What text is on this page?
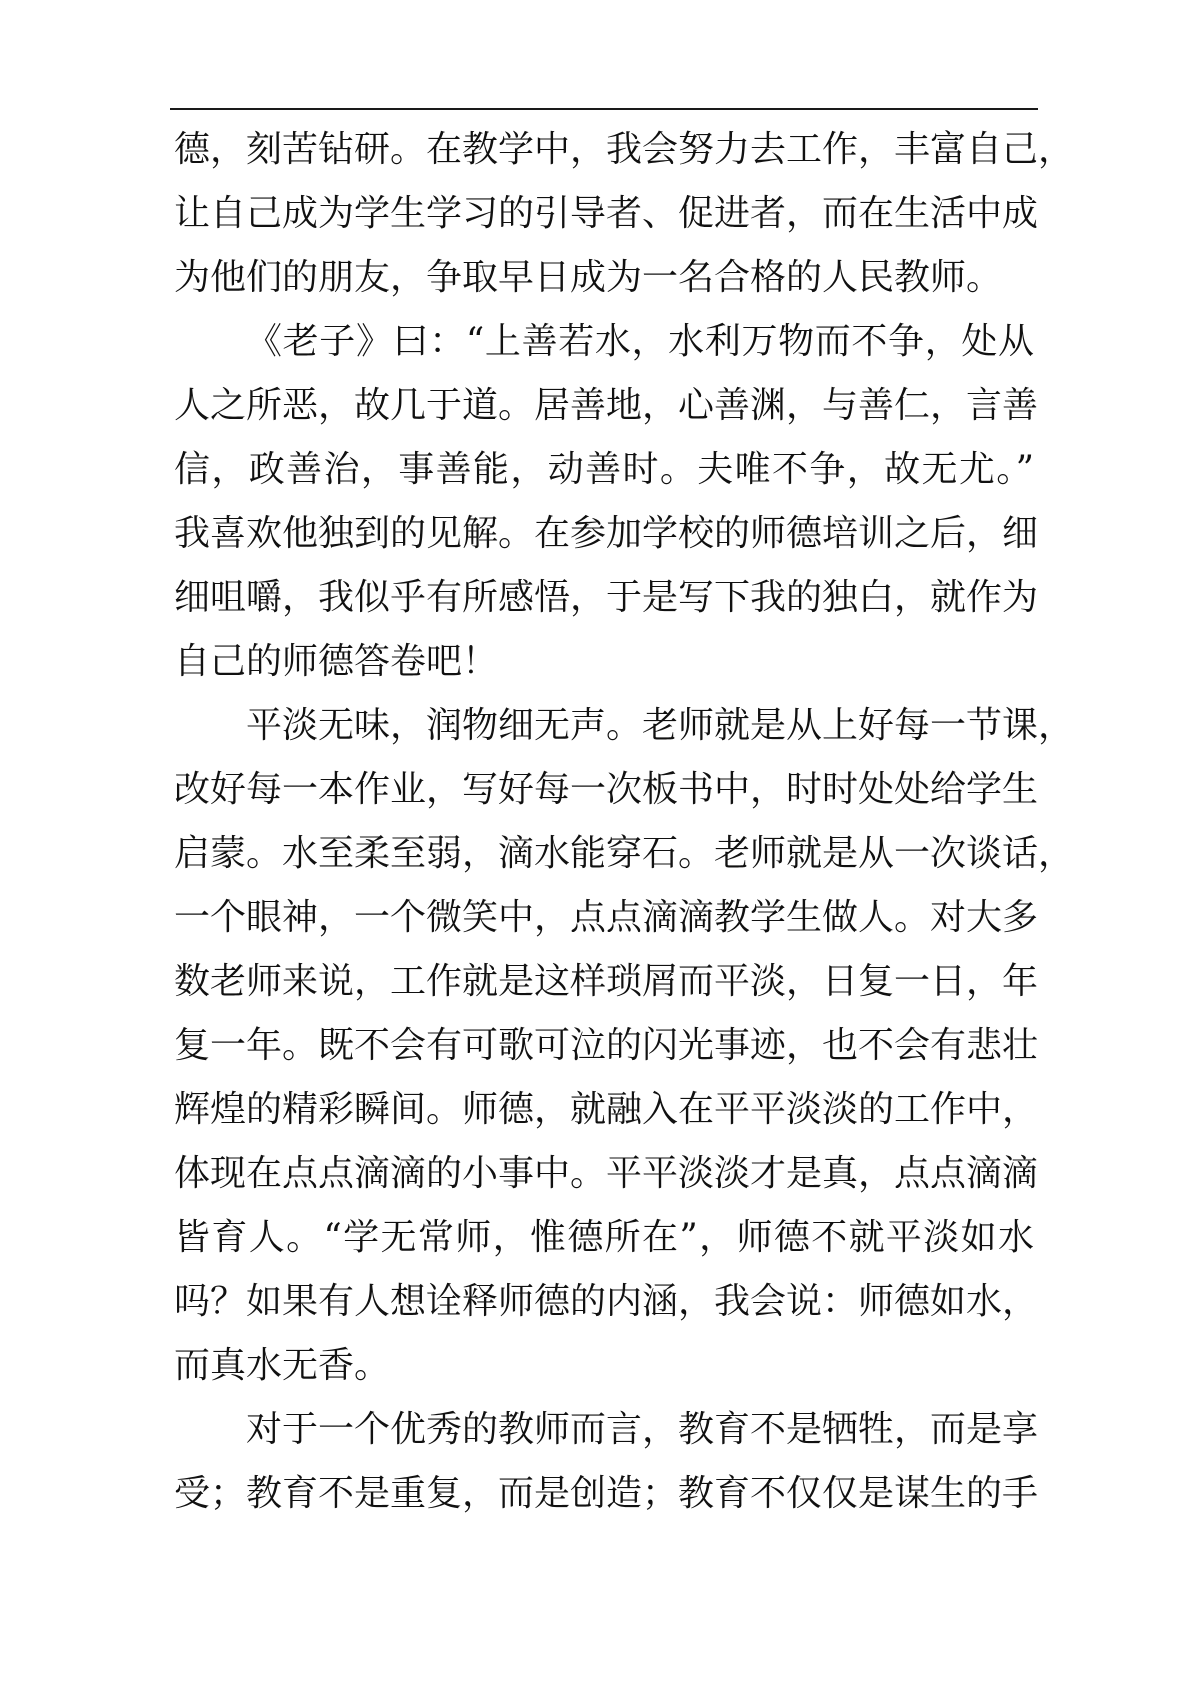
德，刻苦钻研。在教学中，我会努力去工作，丰富自己，
让自己成为学生学习的引导者、促进者，而在生活中成
为他们的朋友，争取早日成为一名合格的人民教师。
《老子》曰：“上善若水，水利万物而不争，处从
人之所恶，故几于道。居善地，心善渊，与善仁，言善
信，政善治，事善能，动善时。夫唯不争，故无尤。”
我喜欢他独到的见解。在参加学校的师德培训之后，细
细咀嚼，我似乎有所感悟，于是写下我的独白，就作为
自己的师德答卷吧！
平淡无味，润物细无声。老师就是从上好每一节课，
改好每一本作业，写好每一次板书中，时时处处给学生
启蒙。水至柔至弱，滴水能穿石。老师就是从一次谈话，
一个眼神，一个微笑中，点点滴滴教学生做人。对大多
数老师来说，工作就是这样琐屑而平淡，日复一日，年
复一年。既不会有可歌可泣的闪光事迹，也不会有悲壮
辉煌的精彩瞬间。师德，就融入在平平淡淡的工作中，
体现在点点滴滴的小事中。平平淡淡才是真，点点滴滴
皆育人。“学无常师，惟德所在”，师德不就平淡如水
吗？如果有人想诠释师德的内涵，我会说：师德如水，
而真水无香。
对于一个优秀的教师而言，教育不是牺牲，而是享
受；教育不是重复，而是创造；教育不仅仅是谋生的手
